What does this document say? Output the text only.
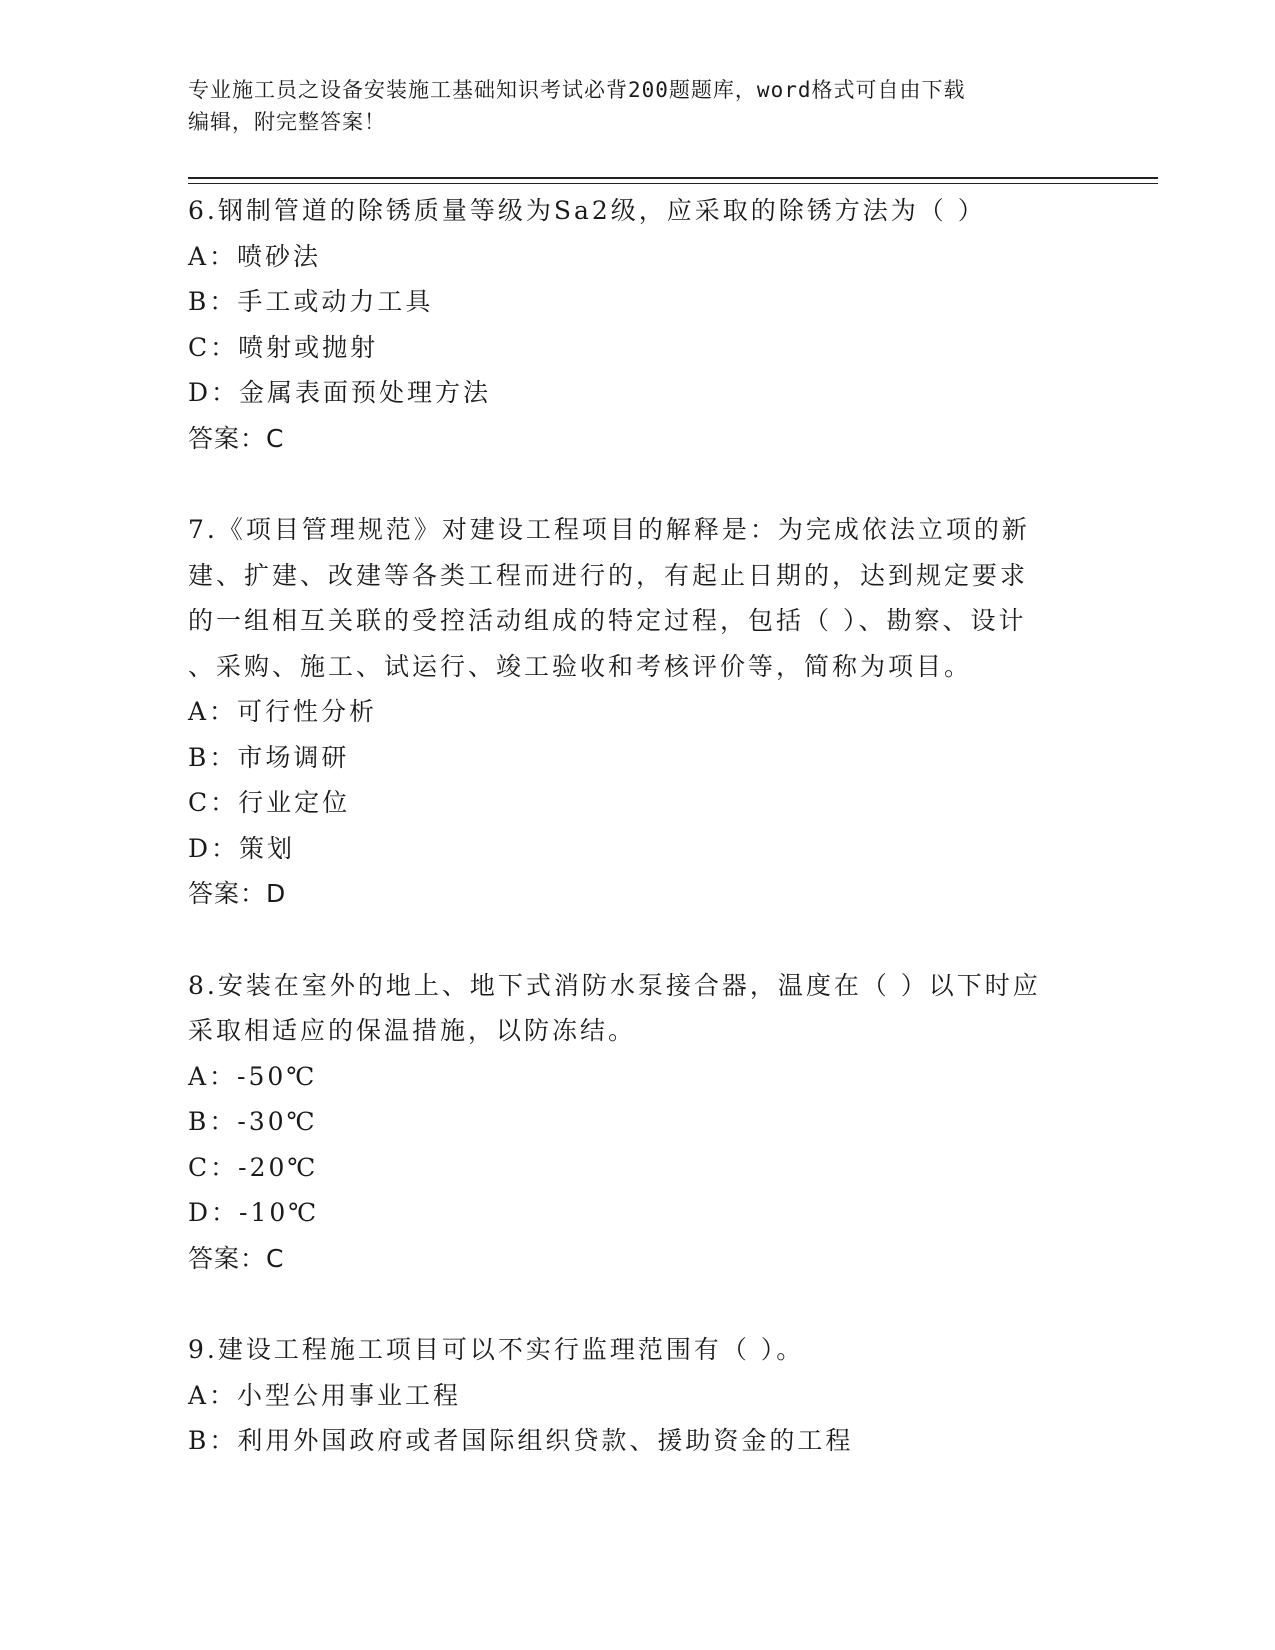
专业施工员之设备安装施工基础知识考试必背200题题库，word格式可自由下载
编辑，附完整答案！
6.钢制管道的除锈质量等级为Sa2级，应采取的除锈方法为（ ）
A：喷砂法
B：手工或动力工具
C：喷射或抛射
D：金属表面预处理方法
答案：C
7.《项目管理规范》对建设工程项目的解释是：为完成依法立项的新
建、扩建、改建等各类工程而进行的，有起止日期的，达到规定要求
的一组相互关联的受控活动组成的特定过程，包括（ ）、勘察、设计
、采购、施工、试运行、竣工验收和考核评价等，简称为项目。
A：可行性分析
B：市场调研
C：行业定位
D：策划
答案：D
8.安装在室外的地上、地下式消防水泵接合器，温度在（ ）以下时应
采取相适应的保温措施，以防冻结。
A：-50℃
B：-30℃
C：-20℃
D：-10℃
答案：C
9.建设工程施工项目可以不实行监理范围有（ ）。
A：小型公用事业工程
B：利用外国政府或者国际组织贷款、援助资金的工程
